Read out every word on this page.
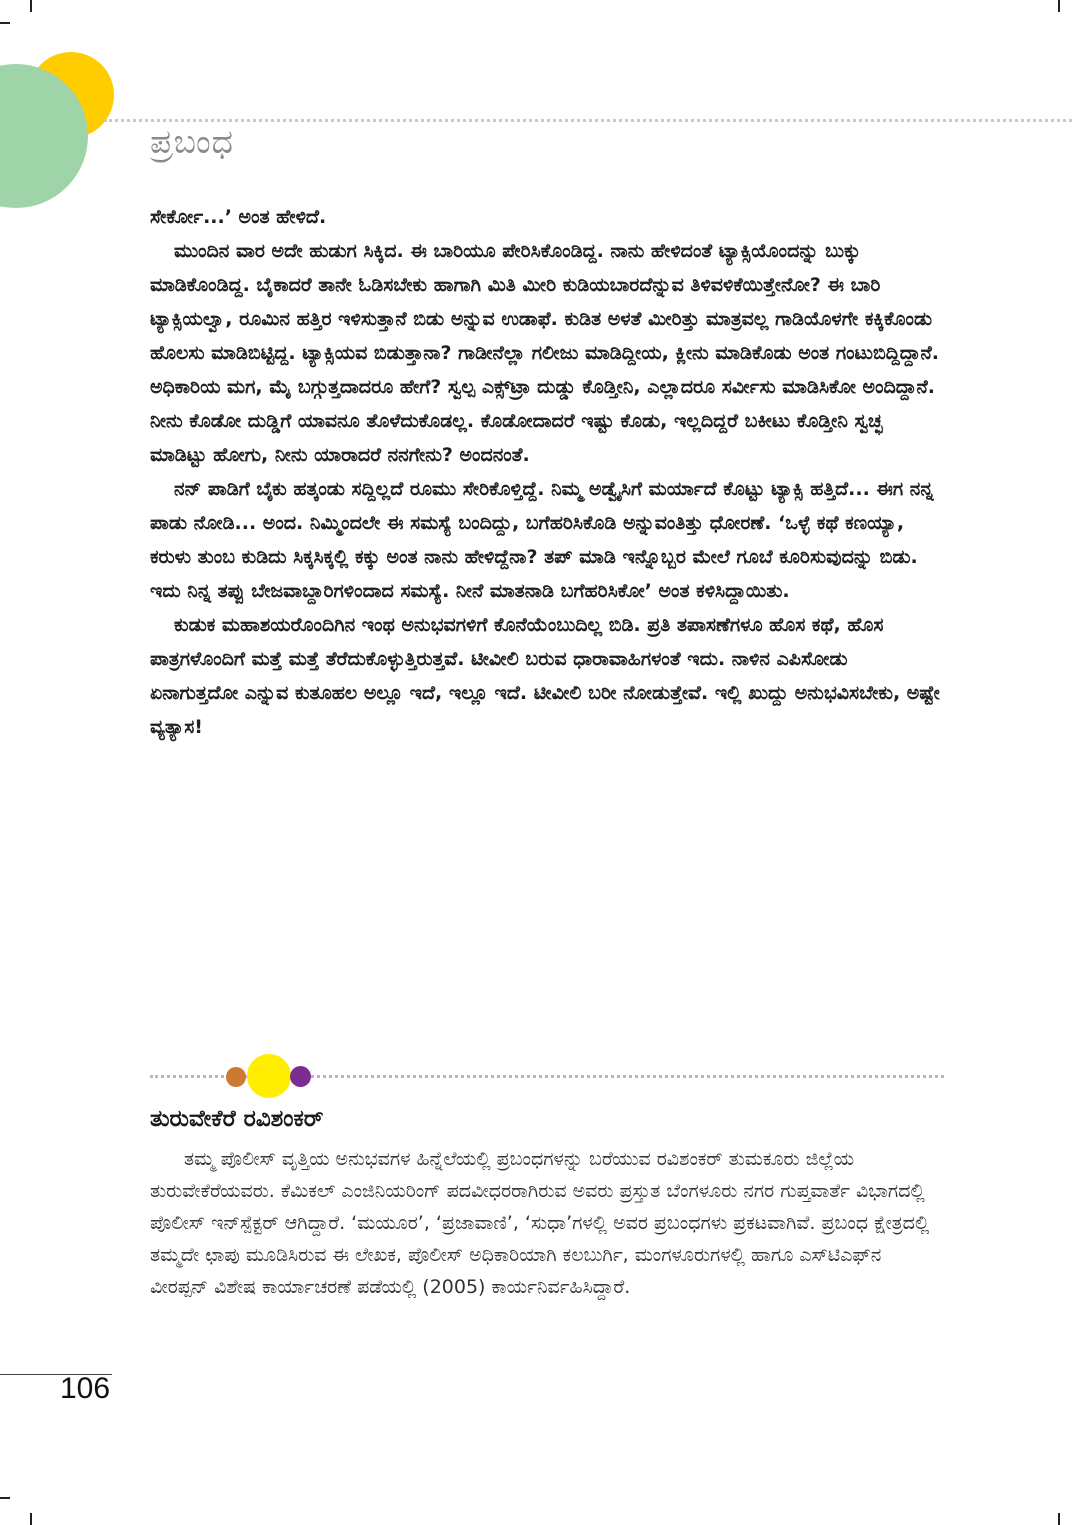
ಪ್ರಬಂಧ

ಸೇರ್ಕೋ...’ ಅಂತ ಹೇಳಿದೆ.

ಮುಂದಿನ ವಾರ ಅದೇ ಹುಡುಗ ಸಿಕ್ಕಿದ. ಈ ಬಾರಿಯೂ ಪೇರಿಸಿಕೊಂಡಿದ್ದ. ನಾನು ಹೇಳಿದಂತೆ ಟ್ಯಾಕ್ಸಿಯೊಂದನ್ನು ಬುಕ್ಕು ಮಾಡಿಕೊಂಡಿದ್ದ. ಬೈಕಾದರೆ ತಾನೇ ಓಡಿಸಬೇಕು ಹಾಗಾಗಿ ಮಿತಿ ಮೀರಿ ಕುಡಿಯಬಾರದೆನ್ನುವ ತಿಳಿವಳಿಕೆಯಿತ್ತೇನೋ? ಈ ಬಾರಿ ಟ್ಯಾಕ್ಸಿಯಲ್ವಾ, ರೂಮಿನ ಹತ್ತಿರ ಇಳಿಸುತ್ತಾನೆ ಬಿಡು ಅನ್ನುವ ಉಡಾಫೆ. ಕುಡಿತ ಅಳತೆ ಮೀರಿತ್ತು ಮಾತ್ರವಲ್ಲ ಗಾಡಿಯೊಳಗೇ ಕಕ್ಕಿಕೊಂಡು ಹೊಲಸು ಮಾಡಿಬಿಟ್ಟಿದ್ದ. ಟ್ಯಾಕ್ಸಿಯವ ಬಿಡುತ್ತಾನಾ? ಗಾಡೀನೆಲ್ಲಾ ಗಲೀಜು ಮಾಡಿದ್ದೀಯ, ಕ್ಲೀನು ಮಾಡಿಕೊಡು ಅಂತ ಗಂಟುಬಿದ್ದಿದ್ದಾನೆ. ಅಧಿಕಾರಿಯ ಮಗ, ಮೈ ಬಗ್ಗುತ್ತದಾದರೂ ಹೇಗೆ? ಸ್ವಲ್ಪ ಎಕ್ಸ್‌ಟ್ರಾ ದುಡ್ಡು ಕೊಡ್ತೀನಿ, ಎಲ್ಲಾದರೂ ಸರ್ವೀಸು ಮಾಡಿಸಿಕೋ ಅಂದಿದ್ದಾನೆ. ನೀನು ಕೊಡೋ ದುಡ್ಡಿಗೆ ಯಾವನೂ ತೊಳೆದುಕೊಡಲ್ಲ. ಕೊಡೋದಾದರೆ ಇಷ್ಟು ಕೊಡು, ಇಲ್ಲದಿದ್ದರೆ ಬಕೀಟು ಕೊಡ್ತೀನಿ ಸ್ವಚ್ಛ ಮಾಡಿಟ್ಟು ಹೋಗು, ನೀನು ಯಾರಾದರೆ ನನಗೇನು? ಅಂದನಂತೆ.

ನನ್ ಪಾಡಿಗೆ ಬೈಕು ಹತ್ಕಂಡು ಸದ್ದಿಲ್ಲದೆ ರೂಮು ಸೇರಿಕೊಳ್ತಿದ್ದೆ. ನಿಮ್ಮ ಅಡ್ವೈಸಿಗೆ ಮರ್ಯಾದೆ ಕೊಟ್ಟು ಟ್ಯಾಕ್ಸಿ ಹತ್ತಿದೆ... ಈಗ ನನ್ನ ಪಾಡು ನೋಡಿ... ಅಂದ. ನಿಮ್ಮಿಂದಲೇ ಈ ಸಮಸ್ಯೆ ಬಂದಿದ್ದು, ಬಗೆಹರಿಸಿಕೊಡಿ ಅನ್ನುವಂತಿತ್ತು ಧೋರಣೆ. ‘ಒಳ್ಳೆ ಕಥೆ ಕಣಯ್ಯಾ, ಕರುಳು ತುಂಬ ಕುಡಿದು ಸಿಕ್ಕಸಿಕ್ಕಲ್ಲಿ ಕಕ್ಕು ಅಂತ ನಾನು ಹೇಳಿದ್ದೆನಾ? ತಪ್ ಮಾಡಿ ಇನ್ನೊಬ್ಬರ ಮೇಲೆ ಗೂಬೆ ಕೂರಿಸುವುದನ್ನು ಬಿಡು. ಇದು ನಿನ್ನ ತಪ್ಪು ಬೇಜವಾಬ್ದಾರಿಗಳಿಂದಾದ ಸಮಸ್ಯೆ. ನೀನೆ ಮಾತನಾಡಿ ಬಗೆಹರಿಸಿಕೋ’ ಅಂತ ಕಳಿಸಿದ್ದಾಯಿತು.

ಕುಡುಕ ಮಹಾಶಯರೊಂದಿಗಿನ ಇಂಥ ಅನುಭವಗಳಿಗೆ ಕೊನೆಯೆಂಬುದಿಲ್ಲ ಬಿಡಿ. ಪ್ರತಿ ತಪಾಸಣೆಗಳೂ ಹೊಸ ಕಥೆ, ಹೊಸ ಪಾತ್ರಗಳೊಂದಿಗೆ ಮತ್ತೆ ಮತ್ತೆ ತೆರೆದುಕೊಳ್ಳುತ್ತಿರುತ್ತವೆ. ಟೀವೀಲಿ ಬರುವ ಧಾರಾವಾಹಿಗಳಂತೆ ಇದು. ನಾಳಿನ ಎಪಿಸೋಡು ಏನಾಗುತ್ತದೋ ಎನ್ನುವ ಕುತೂಹಲ ಅಲ್ಲೂ ಇದೆ, ಇಲ್ಲೂ ಇದೆ. ಟೀವೀಲಿ ಬರೀ ನೋಡುತ್ತೇವೆ. ಇಲ್ಲಿ ಖುದ್ದು ಅನುಭವಿಸಬೇಕು, ಅಷ್ಟೇ ವ್ಯತ್ಯಾಸ!

ತುರುವೇಕೆರೆ ರವಿಶಂಕರ್

ತಮ್ಮ ಪೊಲೀಸ್ ವೃತ್ತಿಯ ಅನುಭವಗಳ ಹಿನ್ನೆಲೆಯಲ್ಲಿ ಪ್ರಬಂಧಗಳನ್ನು ಬರೆಯುವ ರವಿಶಂಕರ್ ತುಮಕೂರು ಜಿಲ್ಲೆಯ ತುರುವೇಕೆರೆಯವರು. ಕೆಮಿಕಲ್ ಎಂಜಿನಿಯರಿಂಗ್ ಪದವೀಧರರಾಗಿರುವ ಅವರು ಪ್ರಸ್ತುತ ಬೆಂಗಳೂರು ನಗರ ಗುಪ್ತವಾರ್ತೆ ವಿಭಾಗದಲ್ಲಿ ಪೊಲೀಸ್ ಇನ್‌ಸ್ಪೆಕ್ಟರ್ ಆಗಿದ್ದಾರೆ. ‘ಮಯೂರ’, ‘ಪ್ರಜಾವಾಣಿ’, ‘ಸುಧಾ’ಗಳಲ್ಲಿ ಅವರ ಪ್ರಬಂಧಗಳು ಪ್ರಕಟವಾಗಿವೆ. ಪ್ರಬಂಧ ಕ್ಷೇತ್ರದಲ್ಲಿ ತಮ್ಮದೇ ಛಾಪು ಮೂಡಿಸಿರುವ ಈ ಲೇಖಕ, ಪೊಲೀಸ್ ಅಧಿಕಾರಿಯಾಗಿ ಕಲಬುರ್ಗಿ, ಮಂಗಳೂರುಗಳಲ್ಲಿ ಹಾಗೂ ಎಸ್‌ಟಿಎಫ್‌ನ ವೀರಪ್ಪನ್ ವಿಶೇಷ ಕಾರ್ಯಾಚರಣೆ ಪಡೆಯಲ್ಲಿ (2005) ಕಾರ್ಯನಿರ್ವಹಿಸಿದ್ದಾರೆ.

106
